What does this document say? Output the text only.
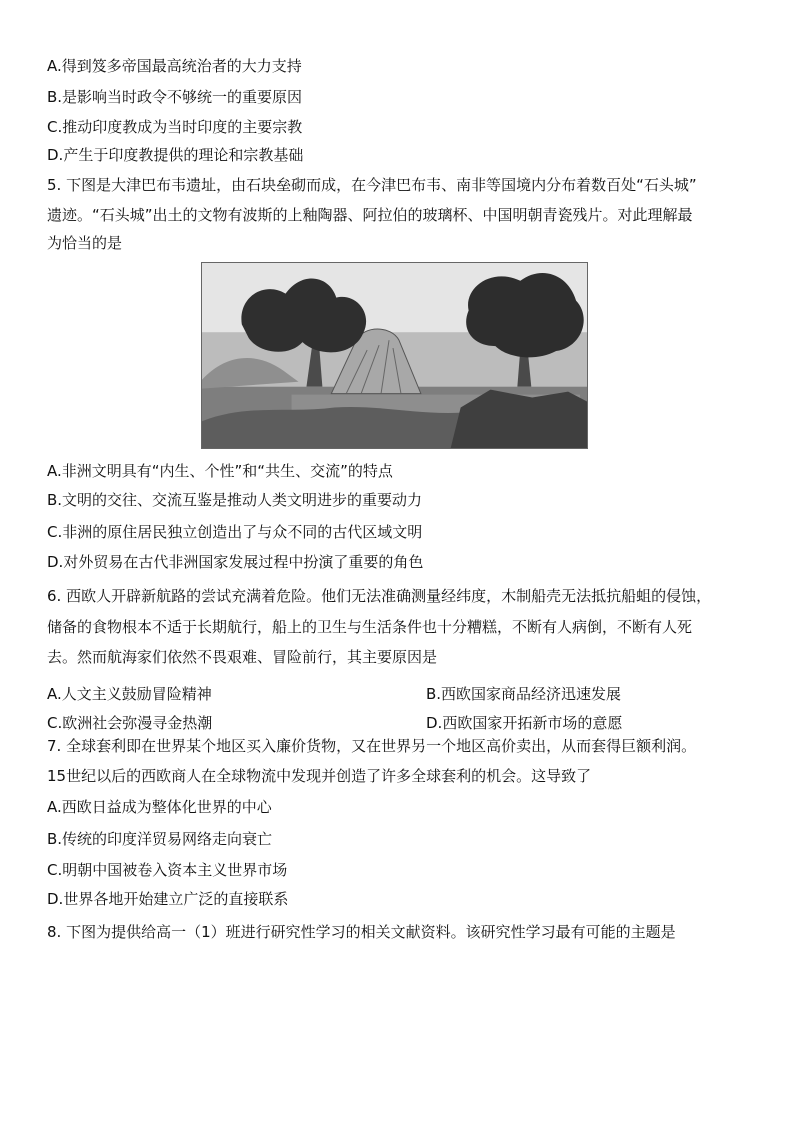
A.得到笈多帝国最高统治者的大力支持
B.是影响当时政令不够统一的重要原因
C.推动印度教成为当时印度的主要宗教
D.产生于印度教提供的理论和宗教基础
5. 下图是大津巴布韦遗址，由石块垒砌而成，在今津巴布韦、南非等国境内分布着数百处“石头城”
遗迹。“石头城”出土的文物有波斯的上釉陶器、阿拉伯的玻璃杯、中国明朝青瓷残片。对此理解最
为恰当的是
A.非洲文明具有“内生、个性”和“共生、交流”的特点
B.文明的交往、交流互鉴是推动人类文明进步的重要动力
C.非洲的原住居民独立创造出了与众不同的古代区域文明
D.对外贸易在古代非洲国家发展过程中扮演了重要的角色
6. 西欧人开辟新航路的尝试充满着危险。他们无法准确测量经纬度，木制船壳无法抵抗船蛆的侵蚀，
储备的食物根本不适于长期航行，船上的卫生与生活条件也十分糟糕，不断有人病倒，不断有人死
去。然而航海家们依然不畏艰难、冒险前行，其主要原因是
A.人文主义鼓励冒险精神	B.西欧国家商品经济迅速发展
C.欧洲社会弥漫寻金热潮	D.西欧国家开拓新市场的意愿
7. 全球套利即在世界某个地区买入廉价货物，又在世界另一个地区高价卖出，从而套得巨额利润。
15世纪以后的西欧商人在全球物流中发现并创造了许多全球套利的机会。这导致了
A.西欧日益成为整体化世界的中心
B.传统的印度洋贸易网络走向衰亡
C.明朝中国被卷入资本主义世界市场
D.世界各地开始建立广泛的直接联系
8. 下图为提供给高一（1）班进行研究性学习的相关文献资料。该研究性学习最有可能的主题是
